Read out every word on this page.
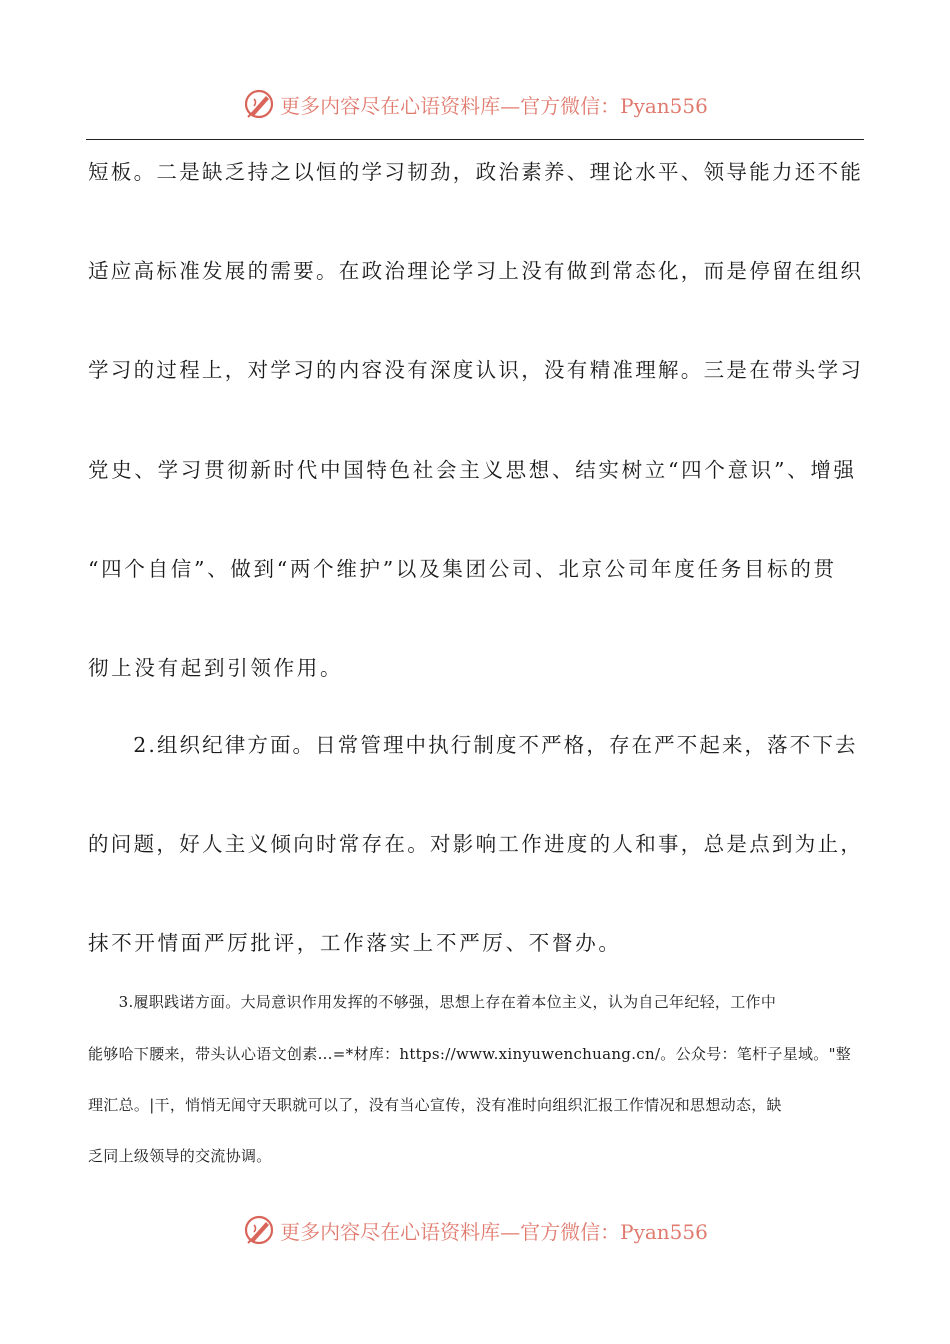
更多内容尽在心语资料库—官方微信：Pyan556
短板。二是缺乏持之以恒的学习韧劲，政治素养、理论水平、领导能力还不能
适应高标准发展的需要。在政治理论学习上没有做到常态化，而是停留在组织
学习的过程上，对学习的内容没有深度认识，没有精准理解。三是在带头学习
党史、学习贯彻新时代中国特色社会主义思想、结实树立“四个意识”、增强
“四个自信”、做到“两个维护”以及集团公司、北京公司年度任务目标的贯
彻上没有起到引领作用。
　　2.组织纪律方面。日常管理中执行制度不严格，存在严不起来，落不下去
的问题，好人主义倾向时常存在。对影响工作进度的人和事，总是点到为止，
抹不开情面严厉批评，工作落实上不严厉、不督办。
　　3.履职践诺方面。大局意识作用发挥的不够强，思想上存在着本位主义，认为自己年纪轻，工作中
能够哈下腰来，带头认心语文创素…=*材库：https://www.xinyuwenchuang.cn/。公众号：笔杆子星域。"整
理汇总。|干，悄悄无闻守天职就可以了，没有当心宣传，没有准时向组织汇报工作情况和思想动态，缺
乏同上级领导的交流协调。
更多内容尽在心语资料库—官方微信：Pyan556
